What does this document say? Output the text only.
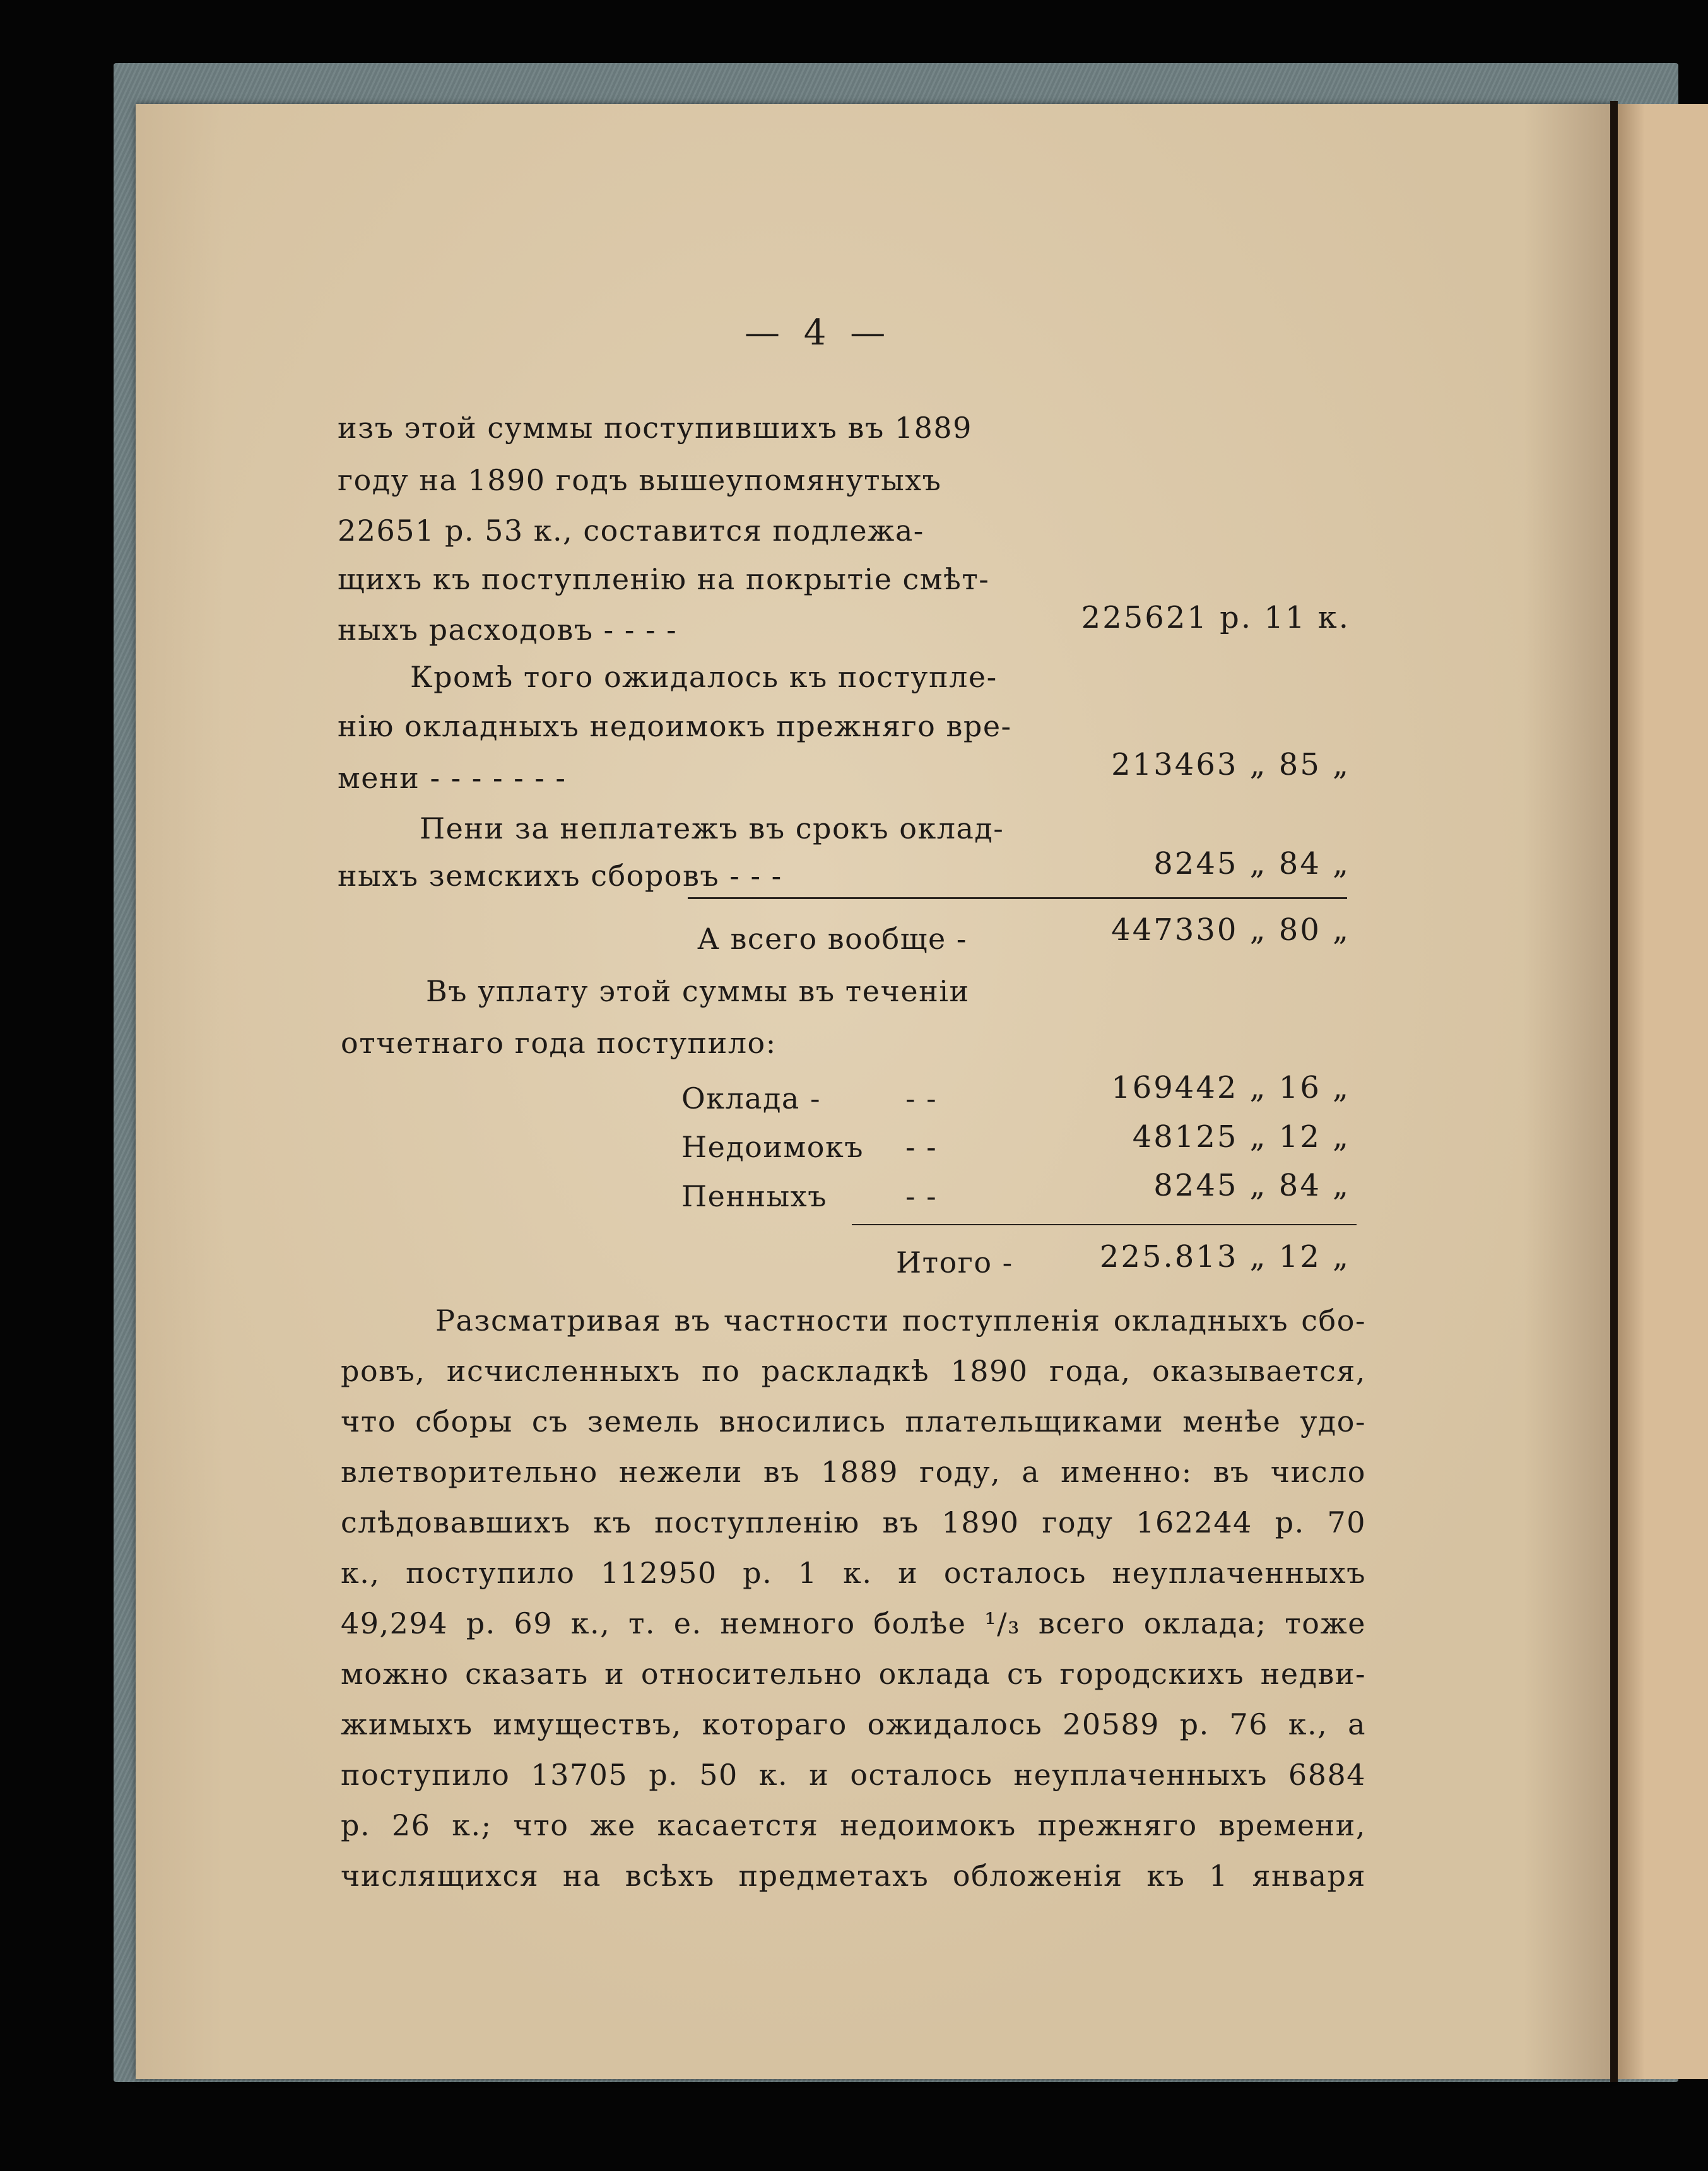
— 4 —
изъ этой суммы поступившихъ въ 1889
году на 1890 годъ вышеупомянутыхъ
22651 р. 53 к., составится подлежа-
щихъ къ поступленію на покрытіе смѣт-
ныхъ расходовъ - - - -	225621 р. 11 к.
Кромѣ того ожидалось къ поступле-
нію окладныхъ недоимокъ прежняго вре-
мени - - - - - - -	213463 „ 85 „
Пени за неплатежъ въ срокъ оклад-
ныхъ земскихъ сборовъ - - -	8245 „ 84 „
А всего вообще -	447330 „ 80 „
Въ уплату этой суммы въ теченіи
отчетнаго года поступило:
Оклада -	- -	169442 „ 16 „
Недоимокъ - -	48125 „ 12 „
Пенныхъ	- -	8245 „ 84 „
Итого -	225.813 „ 12 „
Разсматривая въ частности поступленія окладныхъ сбо-
ровъ, исчисленныхъ по раскладкѣ 1890 года, оказывается,
что сборы съ земель вносились плательщиками менѣе удо-
влетворительно нежели въ 1889 году, а именно: въ число
слѣдовавшихъ къ поступленію въ 1890 году 162244 р. 70
к., поступило 112950 р. 1 к. и осталось неуплаченныхъ
49,294 р. 69 к., т. е. немного болѣе ¹/₃ всего оклада; тоже
можно сказать и относительно оклада съ городскихъ недви-
жимыхъ имуществъ, котораго ожидалось 20589 р. 76 к., а
поступило 13705 р. 50 к. и осталось неуплаченныхъ 6884
р. 26 к.; что же касаетстя недоимокъ прежняго времени,
числящихся на всѣхъ предметахъ обложенія къ 1 января
